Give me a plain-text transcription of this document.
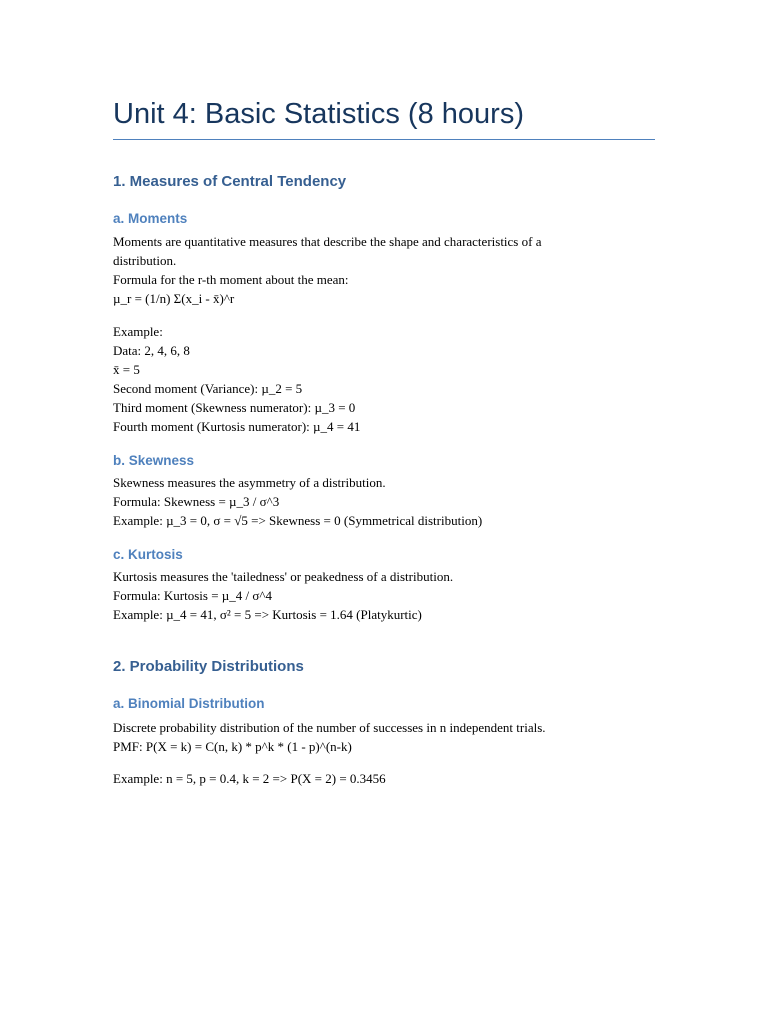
Unit 4: Basic Statistics (8 hours)
1. Measures of Central Tendency
a. Moments
Moments are quantitative measures that describe the shape and characteristics of a
distribution.
Formula for the r-th moment about the mean:
µ_r = (1/n) Σ(x_i - x̄)^r
Example:
Data: 2, 4, 6, 8
x̄ = 5
Second moment (Variance): µ_2 = 5
Third moment (Skewness numerator): µ_3 = 0
Fourth moment (Kurtosis numerator): µ_4 = 41
b. Skewness
Skewness measures the asymmetry of a distribution.
Formula: Skewness = µ_3 / σ^3
Example: µ_3 = 0, σ = √5 => Skewness = 0 (Symmetrical distribution)
c. Kurtosis
Kurtosis measures the 'tailedness' or peakedness of a distribution.
Formula: Kurtosis = µ_4 / σ^4
Example: µ_4 = 41, σ² = 5 => Kurtosis = 1.64 (Platykurtic)
2. Probability Distributions
a. Binomial Distribution
Discrete probability distribution of the number of successes in n independent trials.
PMF: P(X = k) = C(n, k) * p^k * (1 - p)^(n-k)
Example: n = 5, p = 0.4, k = 2 => P(X = 2) = 0.3456
